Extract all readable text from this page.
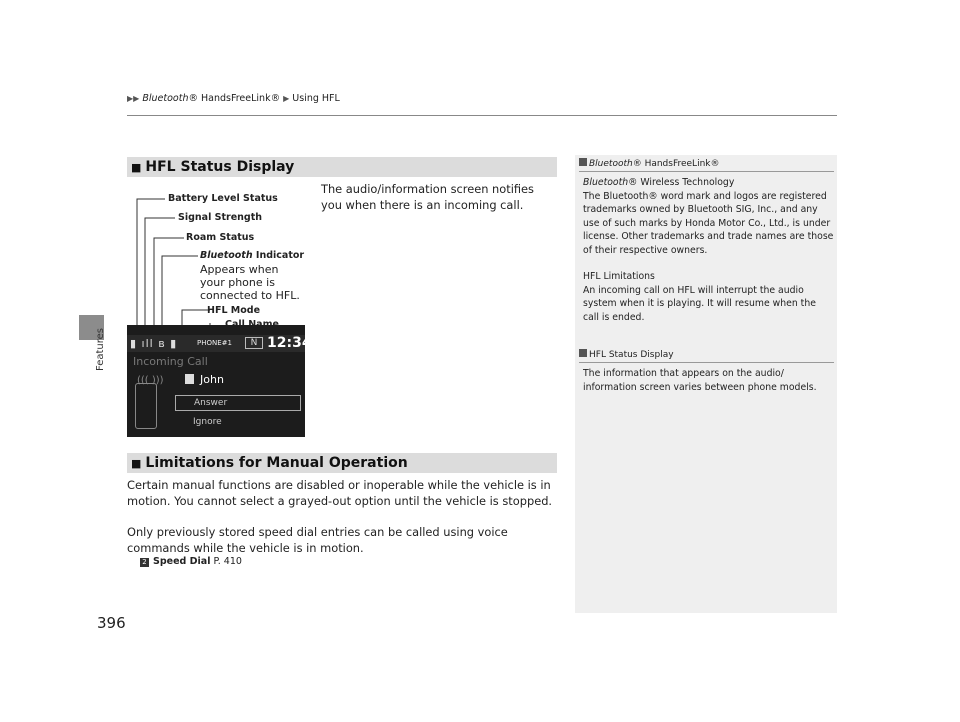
▶▶ Bluetooth® HandsFreeLink® ▶ Using HFL
Features
■ HFL Status Display
The audio/information screen notifies you when there is an incoming call.
Battery Level Status
Signal Strength
Roam Status
Bluetooth Indicator
Appears when your phone is connected to HFL.
HFL Mode
▮ ıll ʙ ▮	PHONE#1	N 12:34
Incoming Call
((( )))	John
Answer
Ignore
■ Limitations for Manual Operation
Certain manual functions are disabled or inoperable while the vehicle is in motion. You cannot select a grayed-out option until the vehicle is stopped.
Only previously stored speed dial entries can be called using voice commands while the vehicle is in motion.
2 Speed Dial P. 410
Bluetooth® HandsFreeLink®
Bluetooth® Wireless Technology

The Bluetooth® word mark and logos are registered trademarks owned by Bluetooth SIG, Inc., and any use of such marks by Honda Motor Co., Ltd., is under license. Other trademarks and trade names are those of their respective owners.

HFL Limitations

An incoming call on HFL will interrupt the audio system when it is playing. It will resume when the call is ended.

HFL Status Display
The information that appears on the audio/ information screen varies between phone models.
396
